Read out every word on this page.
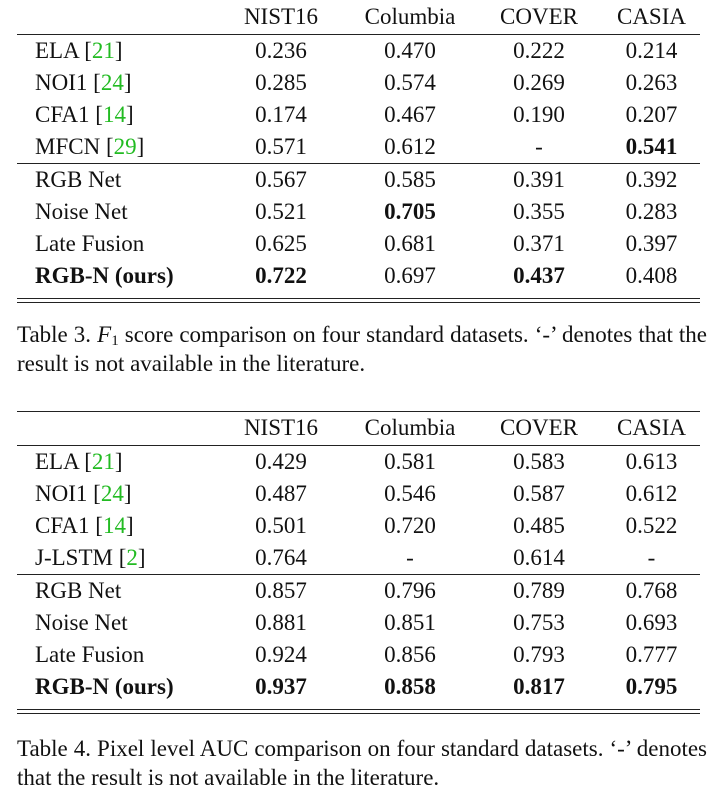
	NIST16	Columbia	COVER	CASIA
ELA [21]	0.236	0.470	0.222	0.214
NOI1 [24]	0.285	0.574	0.269	0.263
CFA1 [14]	0.174	0.467	0.190	0.207
MFCN [29]	0.571	0.612	-	0.541
RGB Net	0.567	0.585	0.391	0.392
Noise Net	0.521	0.705	0.355	0.283
Late Fusion	0.625	0.681	0.371	0.397
RGB-N (ours)	0.722	0.697	0.437	0.408
Table 3. $F_1$ score comparison on four standard datasets. ‘-’ denotes that the result is not available in the literature.
	NIST16	Columbia	COVER	CASIA
ELA [21]	0.429	0.581	0.583	0.613
NOI1 [24]	0.487	0.546	0.587	0.612
CFA1 [14]	0.501	0.720	0.485	0.522
J-LSTM [2]	0.764	-	0.614	-
RGB Net	0.857	0.796	0.789	0.768
Noise Net	0.881	0.851	0.753	0.693
Late Fusion	0.924	0.856	0.793	0.777
RGB-N (ours)	0.937	0.858	0.817	0.795
Table 4. Pixel level AUC comparison on four standard datasets. ‘-’ denotes that the result is not available in the literature.
